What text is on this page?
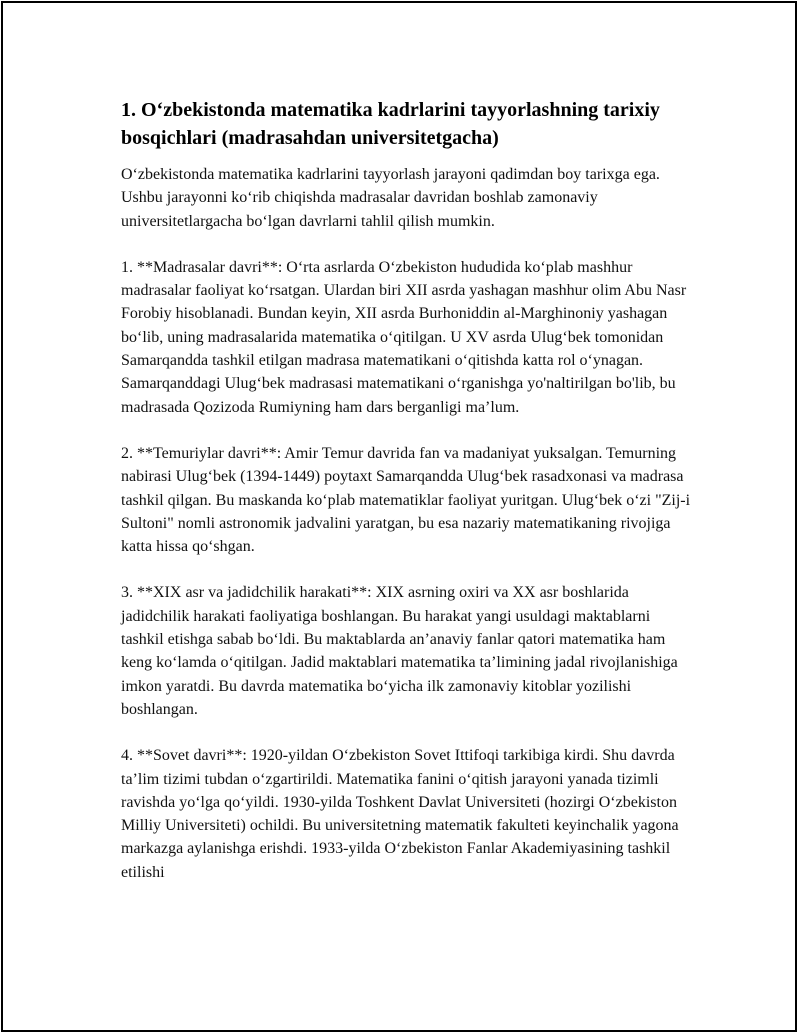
1. O‘zbekistonda matematika kadrlarini tayyorlashning tarixiy bosqichlari (madrasahdan universitetgacha)

O‘zbekistonda matematika kadrlarini tayyorlash jarayoni qadimdan boy tarixga ega. Ushbu jarayonni ko‘rib chiqishda madrasalar davridan boshlab zamonaviy universitetlargacha bo‘lgan davrlarni tahlil qilish mumkin.

1. **Madrasalar davri**: O‘rta asrlarda O‘zbekiston hududida ko‘plab mashhur madrasalar faoliyat ko‘rsatgan. Ulardan biri XII asrda yashagan mashhur olim Abu Nasr Forobiy hisoblanadi. Bundan keyin, XII asrda Burhoniddin al-Marghinoniy yashagan bo‘lib, uning madrasalarida matematika o‘qitilgan. U XV asrda Ulug‘bek tomonidan Samarqandda tashkil etilgan madrasa matematikani o‘qitishda katta rol o‘ynagan. Samarqanddagi Ulug‘bek madrasasi matematikani o‘rganishga yo'naltirilgan bo'lib, bu madrasada Qozizoda Rumiyning ham dars berganligi ma’lum.

2. **Temuriylar davri**: Amir Temur davrida fan va madaniyat yuksalgan. Temurning nabirasi Ulug‘bek (1394-1449) poytaxt Samarqandda Ulug‘bek rasadxonasi va madrasa tashkil qilgan. Bu maskanda ko‘plab matematiklar faoliyat yuritgan. Ulug‘bek o‘zi "Zij-i Sultoni" nomli astronomik jadvalini yaratgan, bu esa nazariy matematikaning rivojiga katta hissa qo‘shgan.

3. **XIX asr va jadidchilik harakati**: XIX asrning oxiri va XX asr boshlarida jadidchilik harakati faoliyatiga boshlangan. Bu harakat yangi usuldagi maktablarni tashkil etishga sabab bo‘ldi. Bu maktablarda an’anaviy fanlar qatori matematika ham keng ko‘lamda o‘qitilgan. Jadid maktablari matematika ta’limining jadal rivojlanishiga imkon yaratdi. Bu davrda matematika bo‘yicha ilk zamonaviy kitoblar yozilishi boshlangan.

4. **Sovet davri**: 1920-yildan O‘zbekiston Sovet Ittifoqi tarkibiga kirdi. Shu davrda ta’lim tizimi tubdan o‘zgartirildi. Matematika fanini o‘qitish jarayoni yanada tizimli ravishda yo‘lga qo‘yildi. 1930-yilda Toshkent Davlat Universiteti (hozirgi O‘zbekiston Milliy Universiteti) ochildi. Bu universitetning matematik fakulteti keyinchalik yagona markazga aylanishga erishdi. 1933-yilda O‘zbekiston Fanlar Akademiyasining tashkil etilishi
